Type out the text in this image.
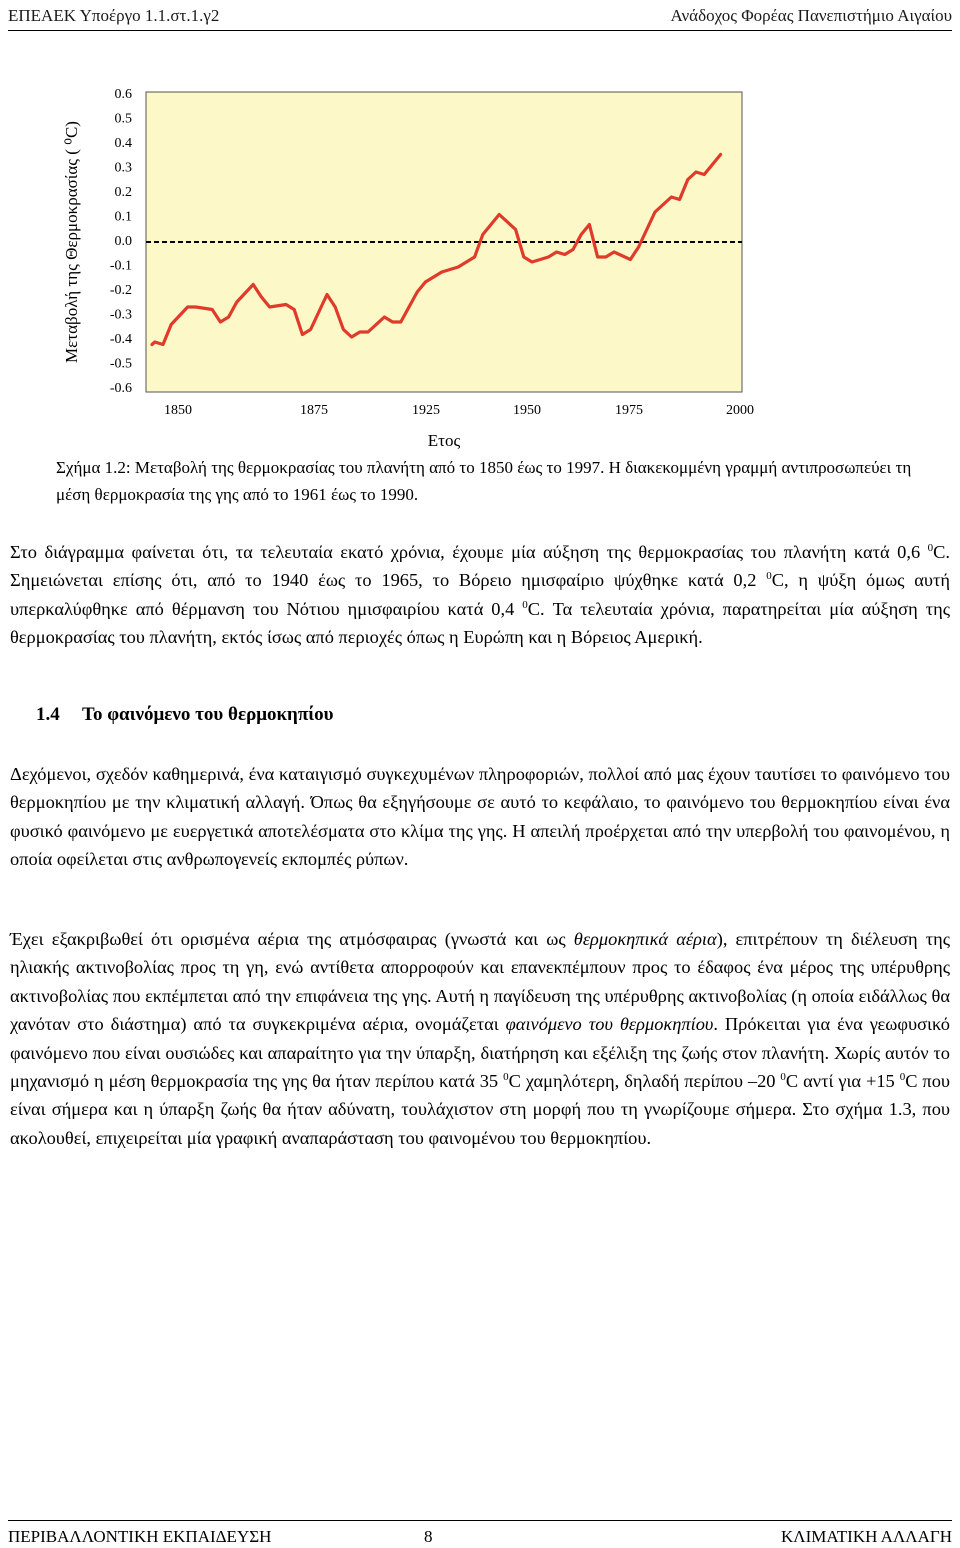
ΕΠΕΑΕΚ Υποέργο 1.1.στ.1.γ2	Ανάδοχος Φορέας Πανεπιστήμιο Αιγαίου
0.6
0.5
0.4
0.3
0.2
0.1
0.0
-0.1
-0.2
-0.3
-0.4
-0.5
-0.6
Μεταβολή της Θερμοκρασίας ( ⁰C)
1850	1875	1925	1950	1975	2000
Ετος
Σχήμα 1.2: Μεταβολή της θερμοκρασίας του πλανήτη από το 1850 έως το 1997. Η διακεκομμένη γραμμή αντιπροσωπεύει τη μέση θερμοκρασία της γης από το 1961 έως το 1990.
Στο διάγραμμα φαίνεται ότι, τα τελευταία εκατό χρόνια, έχουμε μία αύξηση της θερμοκρασίας του πλανήτη κατά 0,6 $^0$C. Σημειώνεται επίσης ότι, από το 1940 έως το 1965, το Βόρειο ημισφαίριο ψύχθηκε κατά 0,2 $^0$C, η ψύξη όμως αυτή υπερκαλύφθηκε από θέρμανση του Νότιου ημισφαιρίου κατά 0,4 $^0$C. Τα τελευταία χρόνια, παρατηρείται μία αύξηση της θερμοκρασίας του πλανήτη, εκτός ίσως από περιοχές όπως η Ευρώπη και η Βόρειος Αμερική.
1.4 Το φαινόμενο του θερμοκηπίου
Δεχόμενοι, σχεδόν καθημερινά, ένα καταιγισμό συγκεχυμένων πληροφοριών, πολλοί από μας έχουν ταυτίσει το φαινόμενο του θερμοκηπίου με την κλιματική αλλαγή. Όπως θα εξηγήσουμε σε αυτό το κεφάλαιο, το φαινόμενο του θερμοκηπίου είναι ένα φυσικό φαινόμενο με ευεργετικά αποτελέσματα στο κλίμα της γης. Η απειλή προέρχεται από την υπερβολή του φαινομένου, η οποία οφείλεται στις ανθρωπογενείς εκπομπές ρύπων.
Έχει εξακριβωθεί ότι ορισμένα αέρια της ατμόσφαιρας (γνωστά και ως θερμοκηπικά αέρια), επιτρέπουν τη διέλευση της ηλιακής ακτινοβολίας προς τη γη, ενώ αντίθετα απορροφούν και επανεκπέμπουν προς το έδαφος ένα μέρος της υπέρυθρης ακτινοβολίας που εκπέμπεται από την επιφάνεια της γης. Αυτή η παγίδευση της υπέρυθρης ακτινοβολίας (η οποία ειδάλλως θα χανόταν στο διάστημα) από τα συγκεκριμένα αέρια, ονομάζεται φαινόμενο του θερμοκηπίου. Πρόκειται για ένα γεωφυσικό φαινόμενο που είναι ουσιώδες και απαραίτητο για την ύπαρξη, διατήρηση και εξέλιξη της ζωής στον πλανήτη. Χωρίς αυτόν το μηχανισμό η μέση θερμοκρασία της γης θα ήταν περίπου κατά 35 $^0$C χαμηλότερη, δηλαδή περίπου –20 $^0$C αντί για +15 $^0$C που είναι σήμερα και η ύπαρξη ζωής θα ήταν αδύνατη, τουλάχιστον στη μορφή που τη γνωρίζουμε σήμερα. Στο σχήμα 1.3, που ακολουθεί, επιχειρείται μία γραφική αναπαράσταση του φαινομένου του θερμοκηπίου.
ΠΕΡΙΒΑΛΛΟΝΤΙΚΗ ΕΚΠΑΙΔΕΥΣΗ	8	ΚΛΙΜΑΤΙΚΗ ΑΛΛΑΓΗ
